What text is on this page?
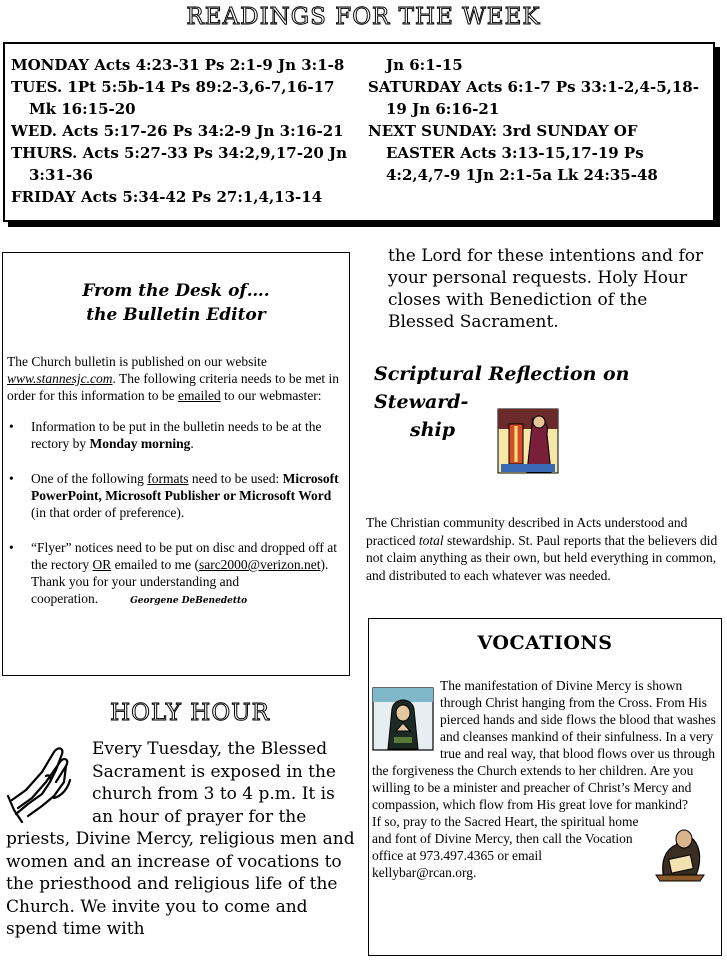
READINGS FOR THE WEEK

MONDAY Acts 4:23-31 Ps 2:1-9 Jn 3:1-8

TUES. 1Pt 5:5b-14 Ps 89:2-3,6-7,16-17 Mk 16:15-20

WED. Acts 5:17-26 Ps 34:2-9 Jn 3:16-21

THURS. Acts 5:27-33 Ps 34:2,9,17-20 Jn 3:31-36

FRIDAY Acts 5:34-42 Ps 27:1,4,13-14

Jn 6:1-15

SATURDAY Acts 6:1-7 Ps 33:1-2,4-5,18-19 Jn 6:16-21

NEXT SUNDAY: 3rd SUNDAY OF EASTER Acts 3:13-15,17-19 Ps 4:2,4,7-9 1Jn 2:1-5a Lk 24:35-48

From the Desk of….
the Bulletin Editor
The Church bulletin is published on our website www.stannesjc.com. The following criteria needs to be met in order for this information to be emailed to our webmaster:
• Information to be put in the bulletin needs to be at the rectory by Monday morning.
• One of the following formats need to be used: Microsoft PowerPoint, Microsoft Publisher or Microsoft Word (in that order of preference).
• “Flyer” notices need to be put on disc and dropped off at the rectory OR emailed to me (sarc2000@verizon.net).
Thank you for your understanding and cooperation.	Georgene DeBenedetto
HOLY HOUR
Every Tuesday, the Blessed Sacrament is exposed in the church from 3 to 4 p.m. It is an hour of prayer for the priests, Divine Mercy, religious men and women and an increase of vocations to the priesthood and religious life of the Church. We invite you to come and spend time with
the Lord for these intentions and for your personal requests. Holy Hour closes with Benediction of the Blessed Sacrament.
Scriptural Reflection on Steward-
ship
The Christian community described in Acts understood and practiced total stewardship. St. Paul reports that the believers did not claim anything as their own, but held everything in common, and distributed to each whatever was needed.
VOCATIONS
The manifestation of Divine Mercy is shown through Christ hanging from the Cross. From His pierced hands and side flows the blood that washes and cleanses mankind of their sinfulness. In a very true and real way, that blood flows over us through the forgiveness the Church extends to her children. Are you willing to be a minister and preacher of Christ’s Mercy and compassion, which flow from His great love for mankind?
If so, pray to the Sacred Heart, the spiritual home and font of Divine Mercy, then call the Vocation office at 973.497.4365 or email kellybar@rcan.org.
